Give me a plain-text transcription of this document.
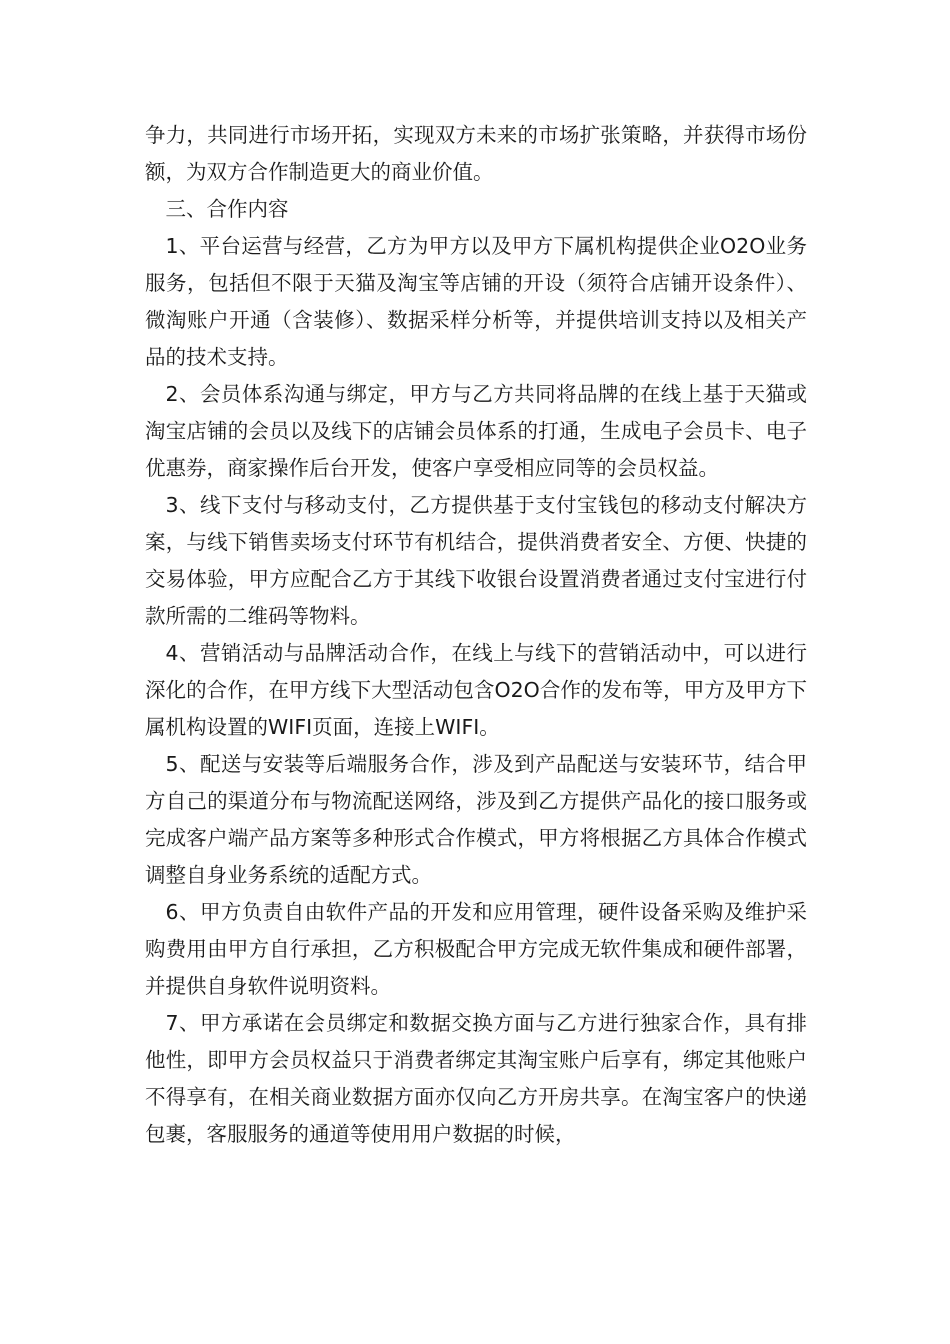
争力，共同进行市场开拓，实现双方未来的市场扩张策略，并获得市场份额，为双方合作制造更大的商业价值。

三、合作内容

1、平台运营与经营，乙方为甲方以及甲方下属机构提供企业O2O业务服务，包括但不限于天猫及淘宝等店铺的开设（须符合店铺开设条件）、微淘账户开通（含装修）、数据采样分析等，并提供培训支持以及相关产品的技术支持。

2、会员体系沟通与绑定，甲方与乙方共同将品牌的在线上基于天猫或淘宝店铺的会员以及线下的店铺会员体系的打通，生成电子会员卡、电子优惠券，商家操作后台开发，使客户享受相应同等的会员权益。

3、线下支付与移动支付，乙方提供基于支付宝钱包的移动支付解决方案，与线下销售卖场支付环节有机结合，提供消费者安全、方便、快捷的交易体验，甲方应配合乙方于其线下收银台设置消费者通过支付宝进行付款所需的二维码等物料。

4、营销活动与品牌活动合作，在线上与线下的营销活动中，可以进行深化的合作，在甲方线下大型活动包含O2O合作的发布等，甲方及甲方下属机构设置的WIFI页面，连接上WIFI。

5、配送与安装等后端服务合作，涉及到产品配送与安装环节，结合甲方自己的渠道分布与物流配送网络，涉及到乙方提供产品化的接口服务或完成客户端产品方案等多种形式合作模式，甲方将根据乙方具体合作模式调整自身业务系统的适配方式。

6、甲方负责自由软件产品的开发和应用管理，硬件设备采购及维护采购费用由甲方自行承担，乙方积极配合甲方完成无软件集成和硬件部署，并提供自身软件说明资料。

7、甲方承诺在会员绑定和数据交换方面与乙方进行独家合作，具有排他性，即甲方会员权益只于消费者绑定其淘宝账户后享有，绑定其他账户不得享有，在相关商业数据方面亦仅向乙方开房共享。在淘宝客户的快递包裹，客服服务的通道等使用用户数据的时候，
